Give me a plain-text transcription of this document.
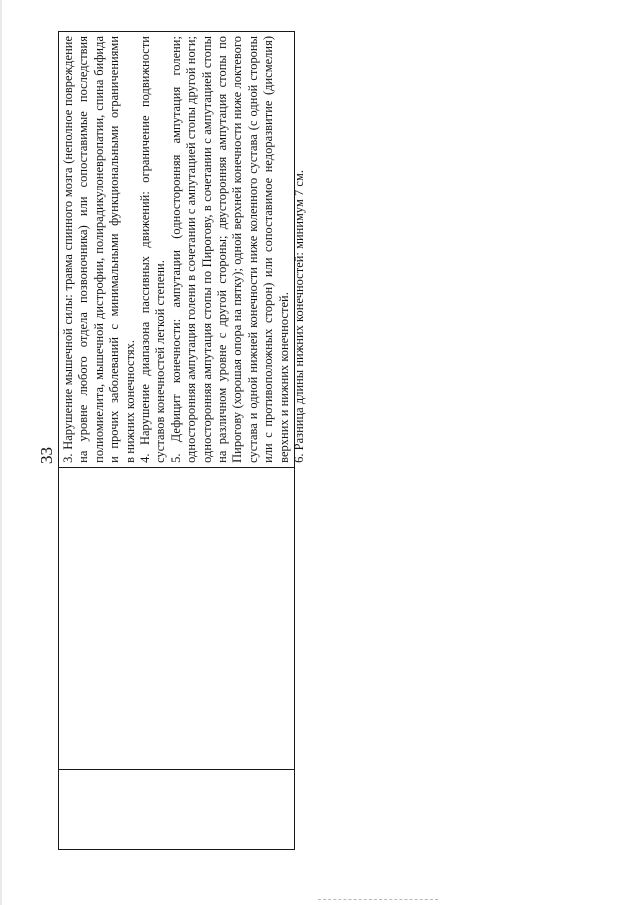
33 3. Нарушение мышечной силы: травма спинного мозга (неполное повреждение на уровне любого отдела позвоночника) или сопоставимые последствия полиомиелита, мышечной дистрофии, полирадикулоневропатии, спина бифида и прочих заболеваний с минимальными функциональными ограничениями в нижних конечностях. 4. Нарушение диапазона пассивных движений: ограничение подвижности суставов конечностей легкой степени. 5. Дефицит конечности: ампутации (односторонняя ампутация голени; односторонняя ампутация голени в сочетании с ампутацией стопы другой ноги; односторонняя ампутация стопы по Пирогову, в сочетании с ампутацией стопы на различном уровне с другой стороны; двусторонняя ампутация стопы по Пирогову (хорошая опора на пятку); одной верхней конечности ниже локтевого сустава и одной нижней конечности ниже коленного сустава (с одной стороны или с противоположных сторон) или сопоставимое недоразвитие (дисмелия) верхних и нижних конечностей. 6. Разница длины нижних конечностей: минимум 7 см.
